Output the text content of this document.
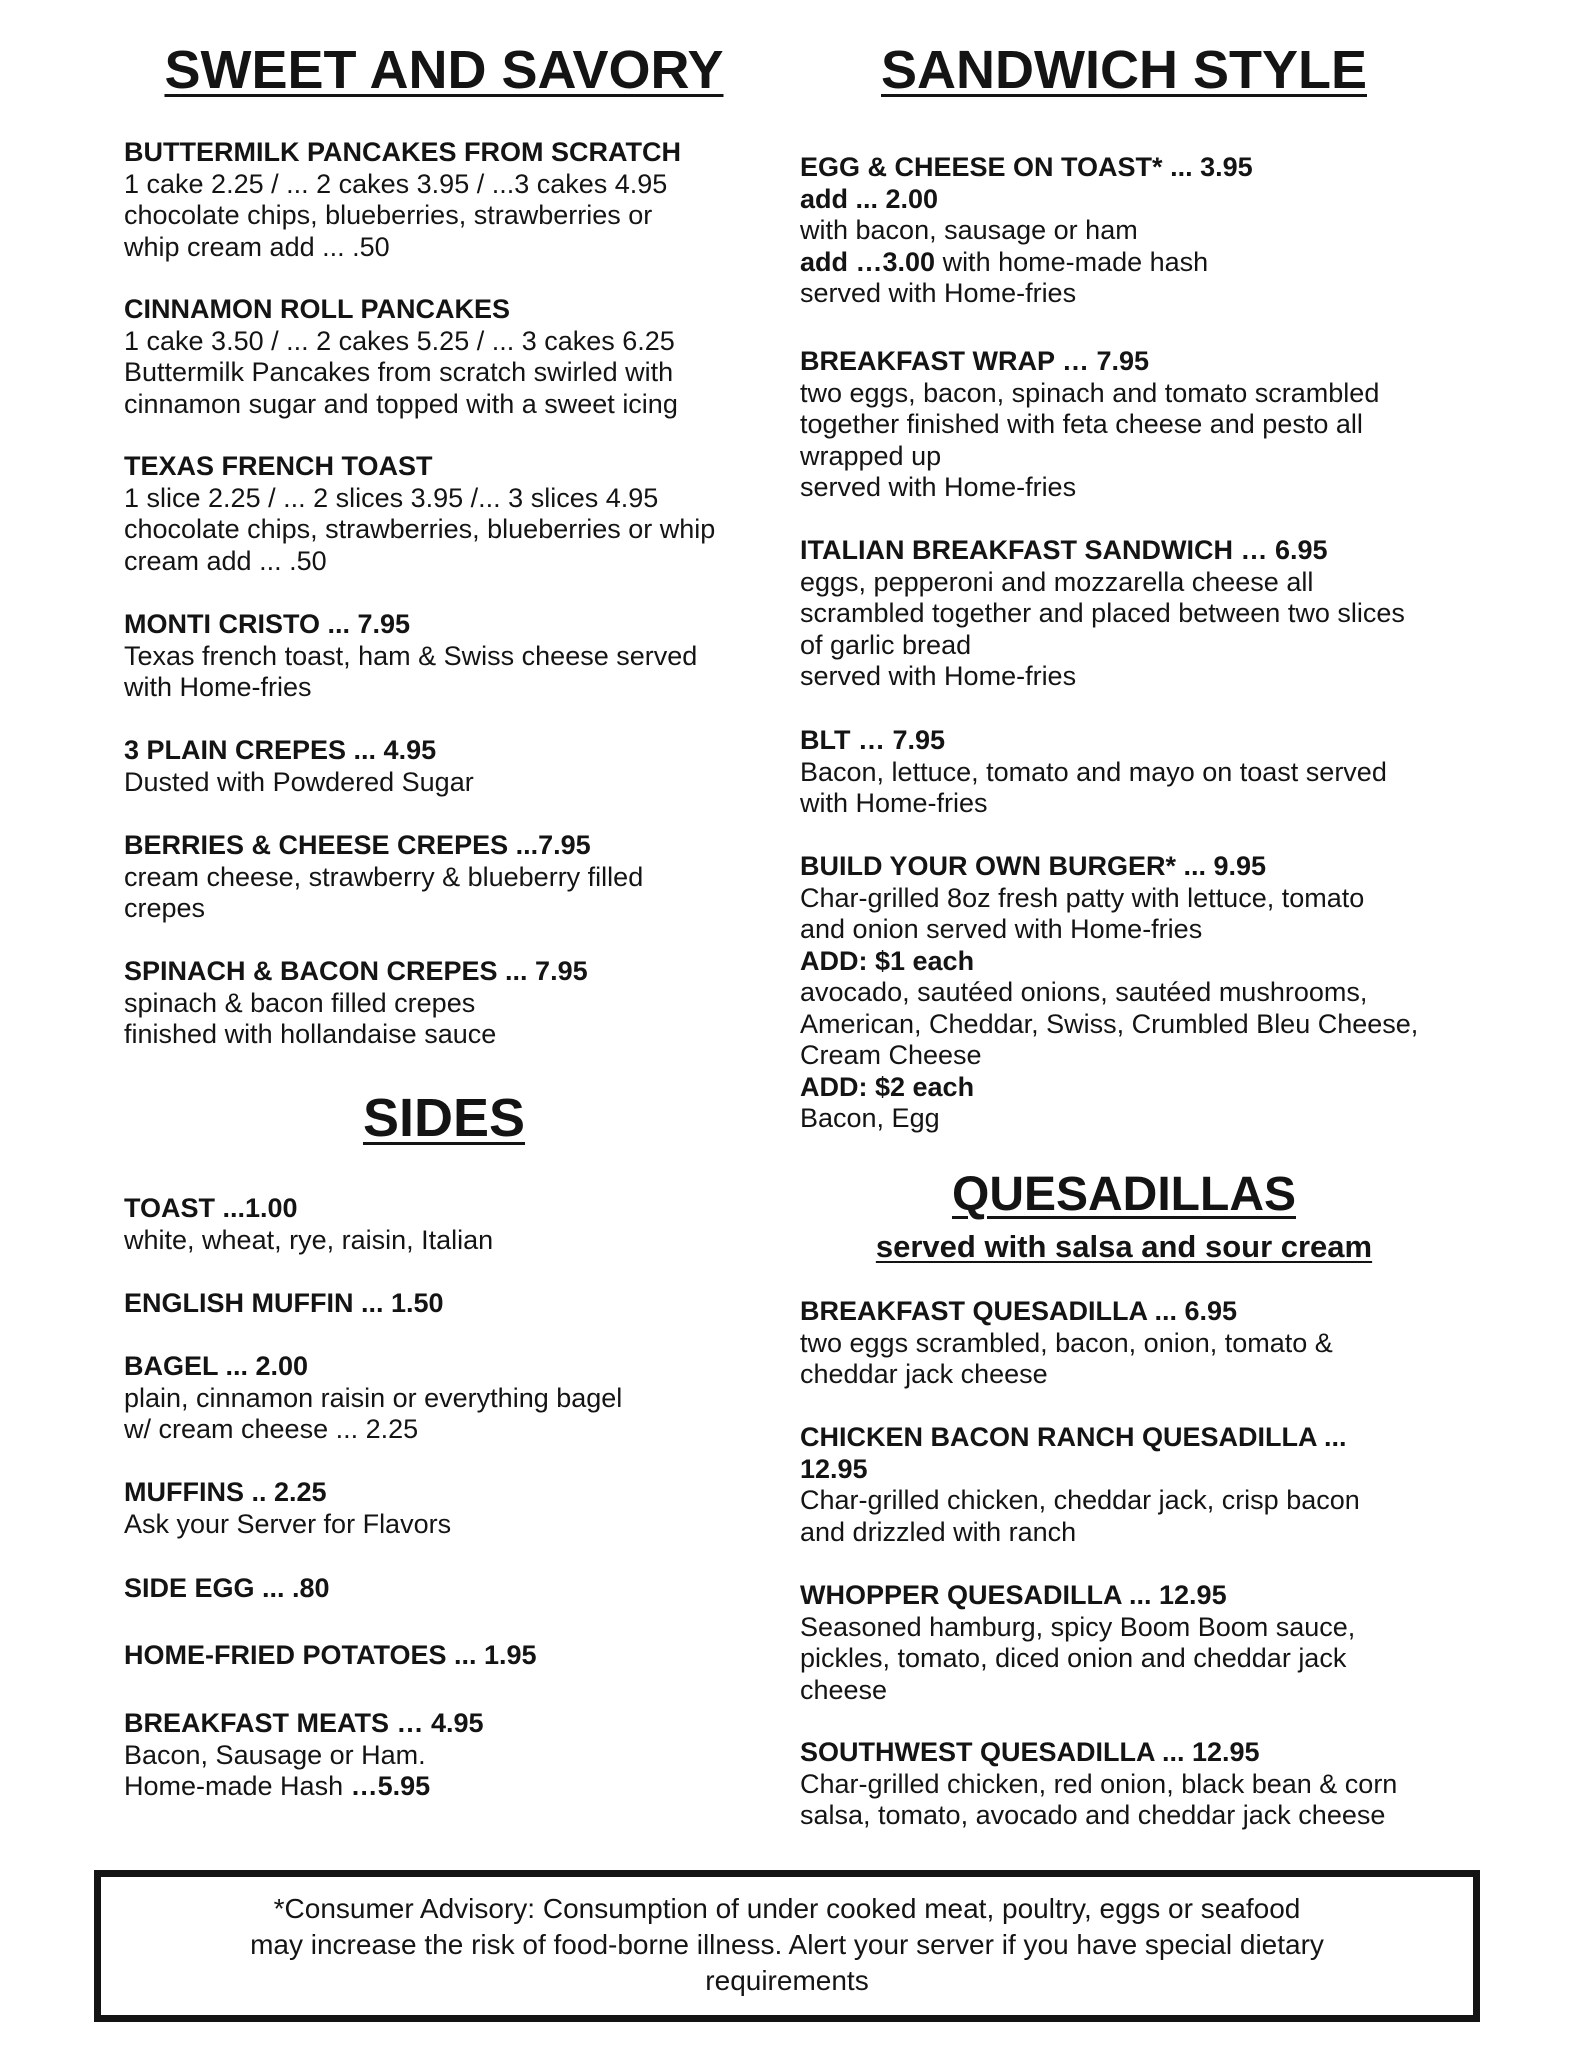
SWEET AND SAVORY
BUTTERMILK PANCAKES FROM SCRATCH
1 cake 2.25 / ... 2 cakes 3.95 / ...3 cakes 4.95
chocolate chips, blueberries, strawberries or
whip cream add ... .50
CINNAMON ROLL PANCAKES
1 cake 3.50 / ... 2 cakes 5.25 / ... 3 cakes 6.25
Buttermilk Pancakes from scratch swirled with
cinnamon sugar and topped with a sweet icing
TEXAS FRENCH TOAST
1 slice 2.25 / ... 2 slices 3.95 /... 3 slices 4.95
chocolate chips, strawberries, blueberries or whip
cream add ... .50
MONTI CRISTO ... 7.95
Texas french toast, ham & Swiss cheese served
with Home-fries
3 PLAIN CREPES ... 4.95
Dusted with Powdered Sugar
BERRIES & CHEESE CREPES ...7.95
cream cheese, strawberry & blueberry filled
crepes
SPINACH & BACON CREPES ... 7.95
spinach & bacon filled crepes
finished with hollandaise sauce
SIDES
TOAST ...1.00
white, wheat, rye, raisin, Italian
ENGLISH MUFFIN ... 1.50
BAGEL ... 2.00
plain, cinnamon raisin or everything bagel
w/ cream cheese ... 2.25
MUFFINS .. 2.25
Ask your Server for Flavors
SIDE EGG ... .80
HOME-FRIED POTATOES ... 1.95
BREAKFAST MEATS … 4.95
Bacon, Sausage or Ham.
Home-made Hash …5.95
SANDWICH STYLE
EGG & CHEESE ON TOAST* ... 3.95
add ... 2.00
with bacon, sausage or ham
add …3.00 with home-made hash
served with Home-fries
BREAKFAST WRAP … 7.95
two eggs, bacon, spinach and tomato scrambled
together finished with feta cheese and pesto all
wrapped up
served with Home-fries
ITALIAN BREAKFAST SANDWICH … 6.95
eggs, pepperoni and mozzarella cheese all
scrambled together and placed between two slices
of garlic bread
served with Home-fries
BLT … 7.95
Bacon, lettuce, tomato and mayo on toast served
with Home-fries
BUILD YOUR OWN BURGER* ... 9.95
Char-grilled 8oz fresh patty with lettuce, tomato
and onion served with Home-fries
ADD: $1 each
avocado, sautéed onions, sautéed mushrooms,
American, Cheddar, Swiss, Crumbled Bleu Cheese,
Cream Cheese
ADD: $2 each
Bacon, Egg
QUESADILLAS
served with salsa and sour cream
BREAKFAST QUESADILLA ... 6.95
two eggs scrambled, bacon, onion, tomato &
cheddar jack cheese
CHICKEN BACON RANCH QUESADILLA ...
12.95
Char-grilled chicken, cheddar jack, crisp bacon
and drizzled with ranch
WHOPPER QUESADILLA ... 12.95
Seasoned hamburg, spicy Boom Boom sauce,
pickles, tomato, diced onion and cheddar jack
cheese
SOUTHWEST QUESADILLA ... 12.95
Char-grilled chicken, red onion, black bean & corn
salsa, tomato, avocado and cheddar jack cheese
*Consumer Advisory: Consumption of under cooked meat, poultry, eggs or seafood
may increase the risk of food-borne illness. Alert your server if you have special dietary
requirements
